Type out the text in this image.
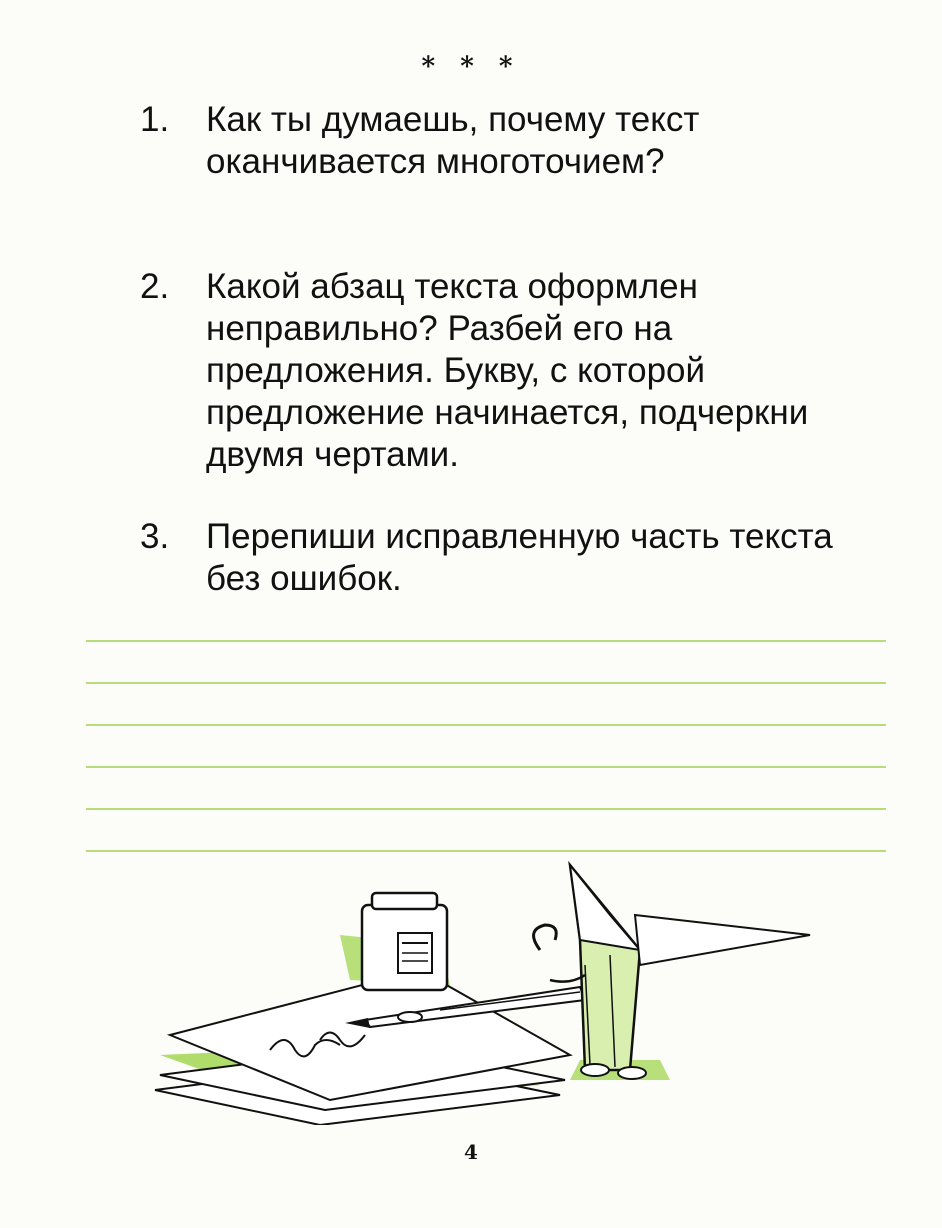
* * *
1.	Как ты думаешь, почему текст оканчивается многоточием?
2.	Какой абзац текста оформлен неправильно? Разбей его на предложения. Букву, с которой предложение начинается, подчеркни двумя чертами.
3.	Перепиши исправленную часть текста без ошибок.
4
